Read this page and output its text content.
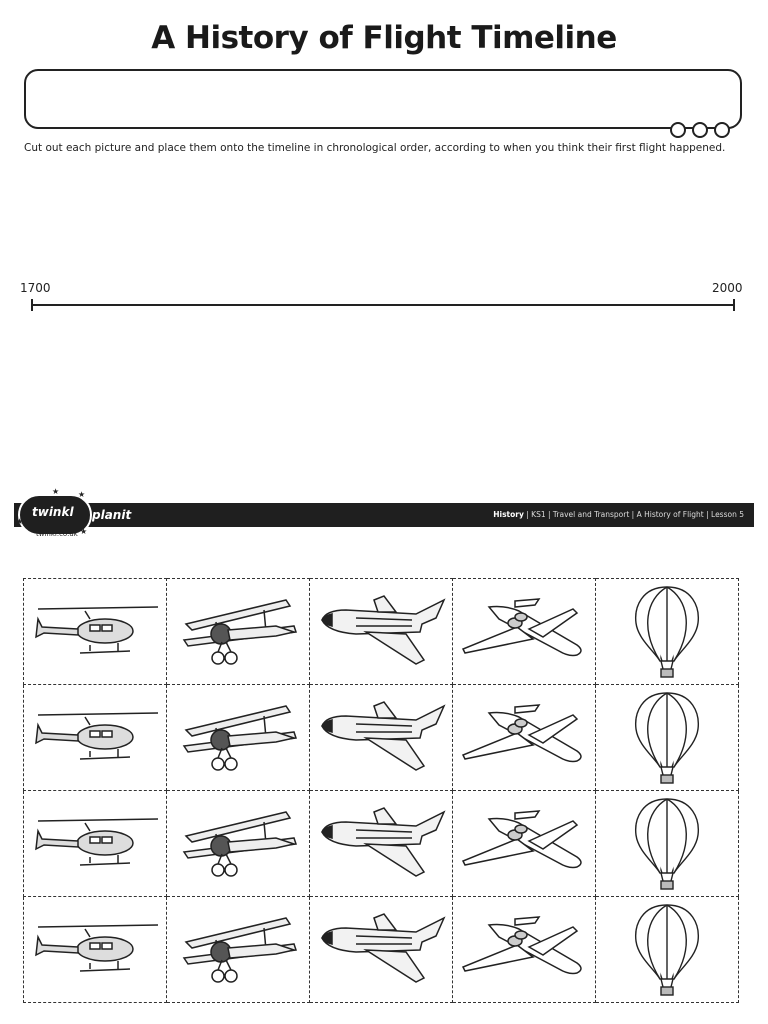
A History of Flight Timeline
Cut out each picture and place them onto the timeline in chronological order, according to when you think their first flight happened.
1700	2000
twinkl
★ ★
★
★
twinkl.co.uk
planit	History | KS1 | Travel and Transport | A History of Flight | Lesson 5
